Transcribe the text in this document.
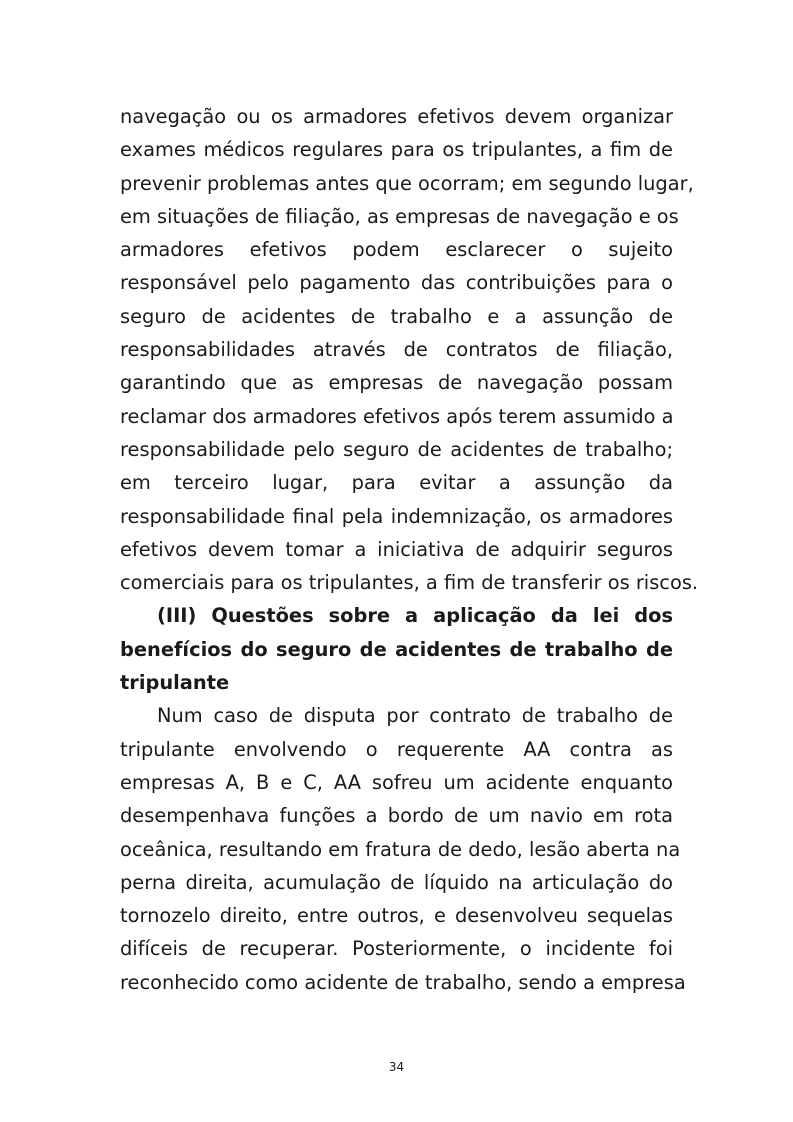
navegação ou os armadores efetivos devem organizar
exames médicos regulares para os tripulantes, a fim de
prevenir problemas antes que ocorram; em segundo lugar,
em situações de filiação, as empresas de navegação e os
armadores efetivos podem esclarecer o sujeito
responsável pelo pagamento das contribuições para o
seguro de acidentes de trabalho e a assunção de
responsabilidades através de contratos de filiação,
garantindo que as empresas de navegação possam
reclamar dos armadores efetivos após terem assumido a
responsabilidade pelo seguro de acidentes de trabalho;
em terceiro lugar, para evitar a assunção da
responsabilidade final pela indemnização, os armadores
efetivos devem tomar a iniciativa de adquirir seguros
comerciais para os tripulantes, a fim de transferir os riscos.
(III) Questões sobre a aplicação da lei dos
benefícios do seguro de acidentes de trabalho de
tripulante
Num caso de disputa por contrato de trabalho de
tripulante envolvendo o requerente AA contra as
empresas A, B e C, AA sofreu um acidente enquanto
desempenhava funções a bordo de um navio em rota
oceânica, resultando em fratura de dedo, lesão aberta na
perna direita, acumulação de líquido na articulação do
tornozelo direito, entre outros, e desenvolveu sequelas
difíceis de recuperar. Posteriormente, o incidente foi
reconhecido como acidente de trabalho, sendo a empresa
34
